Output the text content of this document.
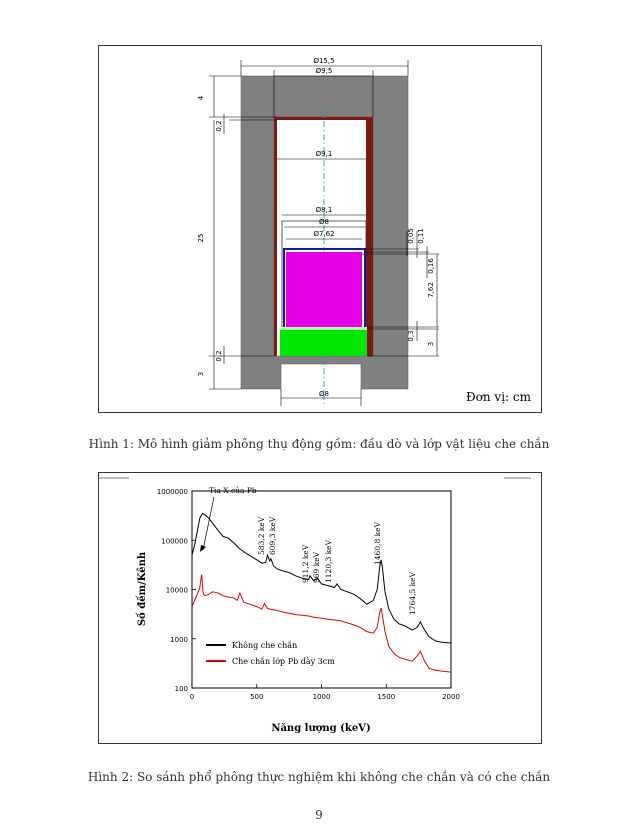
Ø15,5
Ø9,5
Ø9,1
Ø8,1
Ø8
Ø7,62
Ø8
4
0,2
25
3
0,2
0,05 0,11
0,16
7,62
0,3
3
Đơn vị: cm
Hình 1: Mô hình giảm phông thụ động gồm: đầu dò và lớp vật liệu che chắn
100
1000
10000
100000
1000000
0	500	1000	1500	2000
Tia X của Pb
583,2 keV 609,3 keV
911,2 keV 969 keV 1120,3 keV	1460,8 keV
1764,5 keV
Không che chắn
Che chắn lớp Pb dày 3cm
Số đếm/Kênh
Năng lượng (keV)
Hình 2: So sánh phổ phông thực nghiệm khi không che chắn và có che chắn
9
